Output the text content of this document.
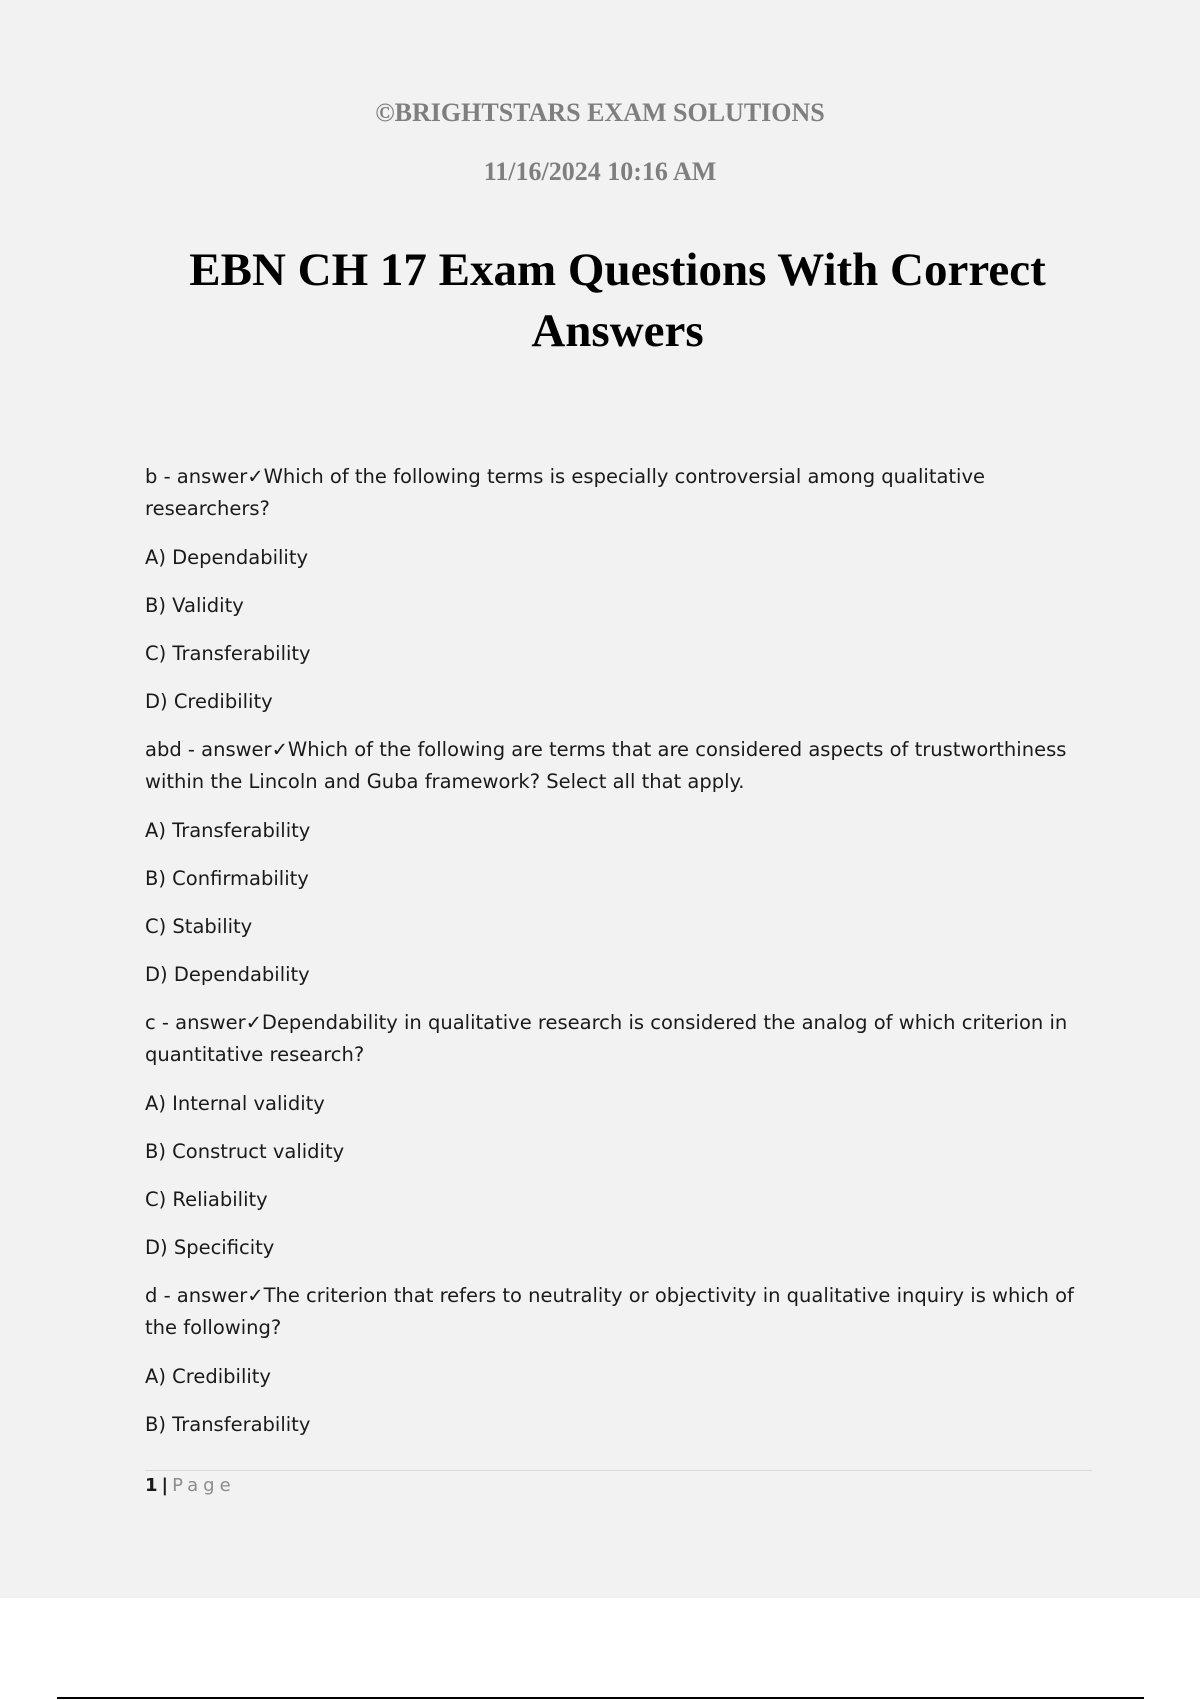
©BRIGHTSTARS EXAM SOLUTIONS
11/16/2024 10:16 AM
EBN CH 17 Exam Questions With Correct Answers

b - answer✓Which of the following terms is especially controversial among qualitative researchers?

A) Dependability

B) Validity

C) Transferability

D) Credibility

abd - answer✓Which of the following are terms that are considered aspects of trustworthiness within the Lincoln and Guba framework? Select all that apply.

A) Transferability

B) Confirmability

C) Stability

D) Dependability

c - answer✓Dependability in qualitative research is considered the analog of which criterion in quantitative research?

A) Internal validity

B) Construct validity

C) Reliability

D) Specificity

d - answer✓The criterion that refers to neutrality or objectivity in qualitative inquiry is which of the following?

A) Credibility

B) Transferability

1 | Page
